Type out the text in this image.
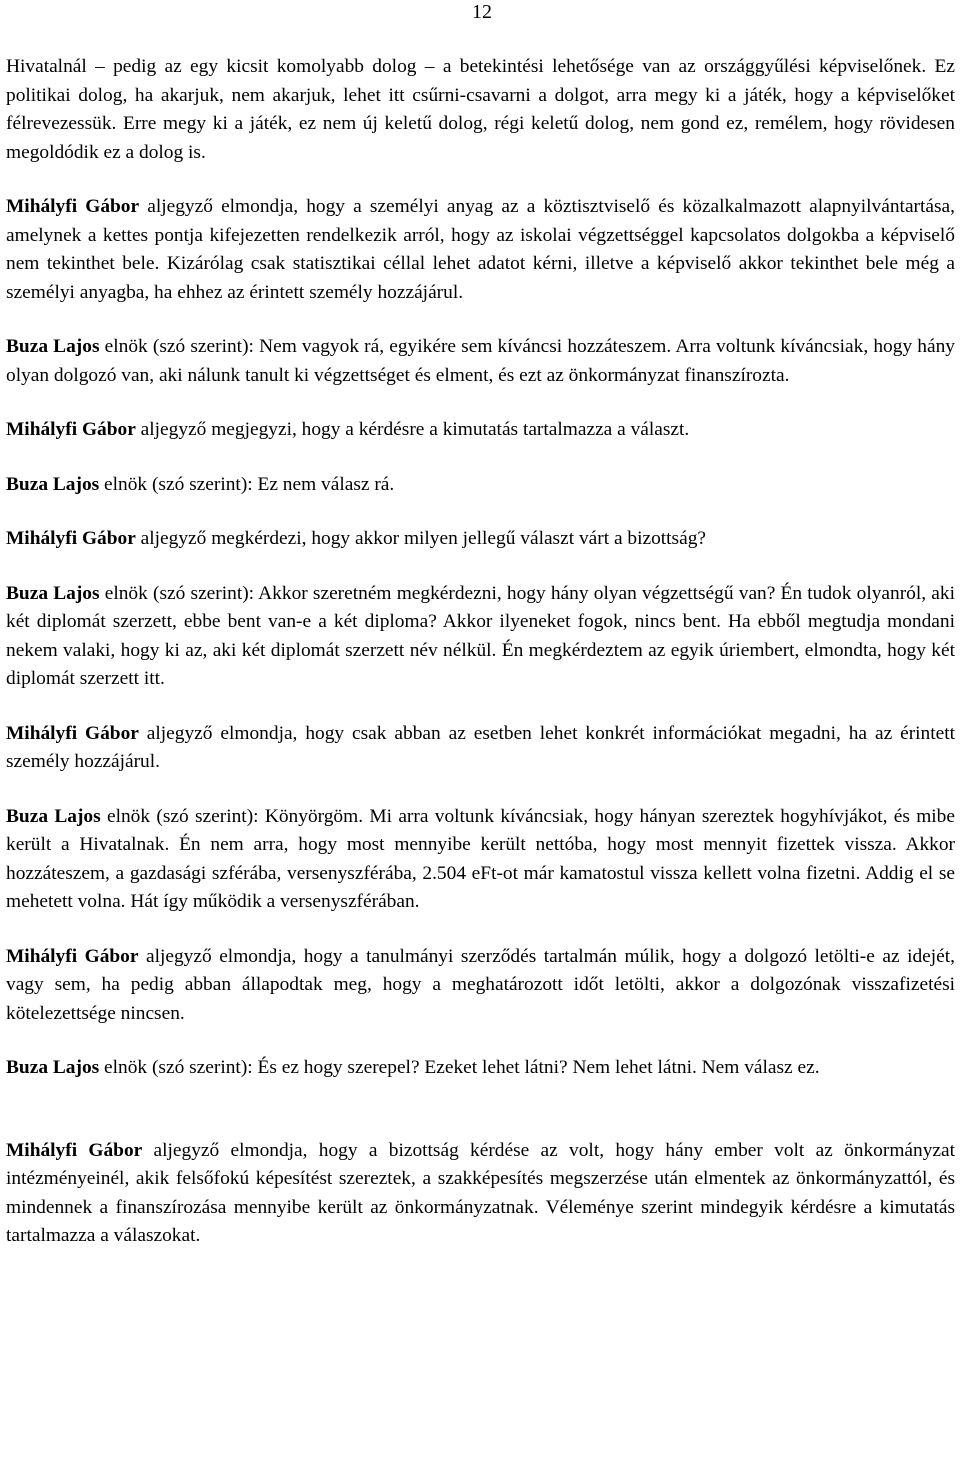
12

Hivatalnál – pedig az egy kicsit komolyabb dolog – a betekintési lehetősége van az országgyűlési képviselőnek. Ez politikai dolog, ha akarjuk, nem akarjuk, lehet itt csűrni-csavarni a dolgot, arra megy ki a játék, hogy a képviselőket félrevezessük. Erre megy ki a játék, ez nem új keletű dolog, régi keletű dolog, nem gond ez, remélem, hogy rövidesen megoldódik ez a dolog is.

Mihályfi Gábor aljegyző elmondja, hogy a személyi anyag az a köztisztviselő és közalkalmazott alapnyilvántartása, amelynek a kettes pontja kifejezetten rendelkezik arról, hogy az iskolai végzettséggel kapcsolatos dolgokba a képviselő nem tekinthet bele. Kizárólag csak statisztikai céllal lehet adatot kérni, illetve a képviselő akkor tekinthet bele még a személyi anyagba, ha ehhez az érintett személy hozzájárul.

Buza Lajos elnök (szó szerint): Nem vagyok rá, egyikére sem kíváncsi hozzáteszem. Arra voltunk kíváncsiak, hogy hány olyan dolgozó van, aki nálunk tanult ki végzettséget és elment, és ezt az önkormányzat finanszírozta.

Mihályfi Gábor aljegyző megjegyzi, hogy a kérdésre a kimutatás tartalmazza a választ.

Buza Lajos elnök (szó szerint): Ez nem válasz rá.

Mihályfi Gábor aljegyző megkérdezi, hogy akkor milyen jellegű választ várt a bizottság?

Buza Lajos elnök (szó szerint): Akkor szeretném megkérdezni, hogy hány olyan végzettségű van? Én tudok olyanról, aki két diplomát szerzett, ebbe bent van-e a két diploma? Akkor ilyeneket fogok, nincs bent. Ha ebből megtudja mondani nekem valaki, hogy ki az, aki két diplomát szerzett név nélkül. Én megkérdeztem az egyik úriembert, elmondta, hogy két diplomát szerzett itt.

Mihályfi Gábor aljegyző elmondja, hogy csak abban az esetben lehet konkrét információkat megadni, ha az érintett személy hozzájárul.

Buza Lajos elnök (szó szerint): Könyörgöm. Mi arra voltunk kíváncsiak, hogy hányan szereztek hogyhívjákot, és mibe került a Hivatalnak. Én nem arra, hogy most mennyibe került nettóba, hogy most mennyit fizettek vissza. Akkor hozzáteszem, a gazdasági szférába, versenyszférába, 2.504 eFt-ot már kamatostul vissza kellett volna fizetni. Addig el se mehetett volna. Hát így működik a versenyszférában.

Mihályfi Gábor aljegyző elmondja, hogy a tanulmányi szerződés tartalmán múlik, hogy a dolgozó letölti-e az idejét, vagy sem, ha pedig abban állapodtak meg, hogy a meghatározott időt letölti, akkor a dolgozónak visszafizetési kötelezettsége nincsen.

Buza Lajos elnök (szó szerint): És ez hogy szerepel? Ezeket lehet látni? Nem lehet látni. Nem válasz ez.

Mihályfi Gábor aljegyző elmondja, hogy a bizottság kérdése az volt, hogy hány ember volt az önkormányzat intézményeinél, akik felsőfokú képesítést szereztek, a szakképesítés megszerzése után elmentek az önkormányzattól, és mindennek a finanszírozása mennyibe került az önkormányzatnak. Véleménye szerint mindegyik kérdésre a kimutatás tartalmazza a válaszokat.
